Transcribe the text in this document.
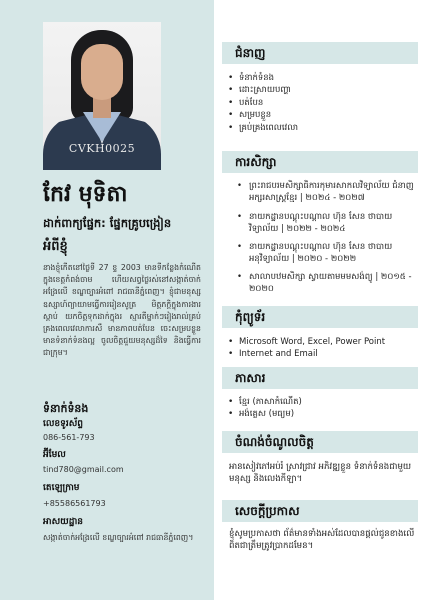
CVKH0025
កែវ មុទិតា
ដាក់ពាក្យផ្នែក: ផ្នែកគ្រូបង្រៀន
អំពីខ្ញុំ
នាងខ្ញុំកើតនៅថ្ងៃទី 27 ខ្ទ 2003 មានទីកន្លែងកំណើតក្នុងខេត្តកំពង់ចាម ហើយសព្វថ្ងៃរស់នៅសង្កាត់ចាក់អង្រែលើ ខណ្ឌច្បារអំពៅ រាជធានីភ្នំពេញ។ ខ្ញុំជាមនុស្សឧស្សាហ៍ព្យាយាមធ្វើការរៀនសូត្រ មិត្តភក្តិក្នុងការងារ ស្តាប់ យកចិត្តទុកដាក់ក្នុងរ ស្មារតីម្នាក់ៗរៀងរាល់គ្រប់គ្រងពេលវេលាការសឹ មានភាពបត់បែន ចេះសម្របខ្លួន មានទំនាក់ទំនងល្អ ចូលចិត្តជួយមនុស្សដ៏ទៃ និងធ្វើការជាក្រុម។
ទំនាក់ទំនង
លេខទូរស័ព្ទ
086-561-793
អ៊ីមែល
tind780@gmail.com
តេឡេក្រាម
+85586561793
អាសយដ្ឋាន
សង្កាត់ចាក់អង្រែលើ ខណ្ឌច្បារអំពៅ រាជធានីភ្នំពេញ។
ជំនាញ
• ទំនាក់ទំនង
• ដោះស្រាយបញ្ហា
• បត់បែន
• សម្របខ្លួន
• គ្រប់គ្រងពេលវេលា
ការសិក្សា
• ព្រះរាជបរមសិក្សាធិការកុមារសាកលវិទ្យាល័យ ជំនាញអក្សរសាស្ត្រខ្មែរ | ២០២៤ - ២០២៧
• នាយកដ្ឋានបណ្តុះបណ្តាល ហ៊ុន សែន ថាបាយ វិទ្យាល័យ | ២០២២ - ២០២៤
• នាយកដ្ឋានបណ្តុះបណ្តាល ហ៊ុន សែន ថាបាយ អនុវិទ្យាល័យ | ២០២០ - ២០២២
• សាលាបឋមសិក្សា ស្វាយតាមមមសង់ព្យូ | ២០១៥ - ២០២០
កុំព្យូទ័រ
• Microsoft Word, Excel, Power Point
• Internet and Email
ភាសារ
• ខ្មែរ (ភាសាកំណើត)
• អង់គ្លេស (មធ្យម)
ចំណង់ចំណូលចិត្ត
អានសៀវភៅអប់រំ ស្រាវជ្រាវ អភិវឌ្ឍខ្លួន ទំនាក់ទំនងជាមួយមនុស្ស និងលេងកីឡា។
សេចក្តីប្រកាស
ខ្ញុំសូមប្រកាសថា ព័ត៌មានទាំងអស់ដែលបានផ្តល់ជូនខាងលើពិតជាត្រឹមត្រូវប្រាកដមែន។
